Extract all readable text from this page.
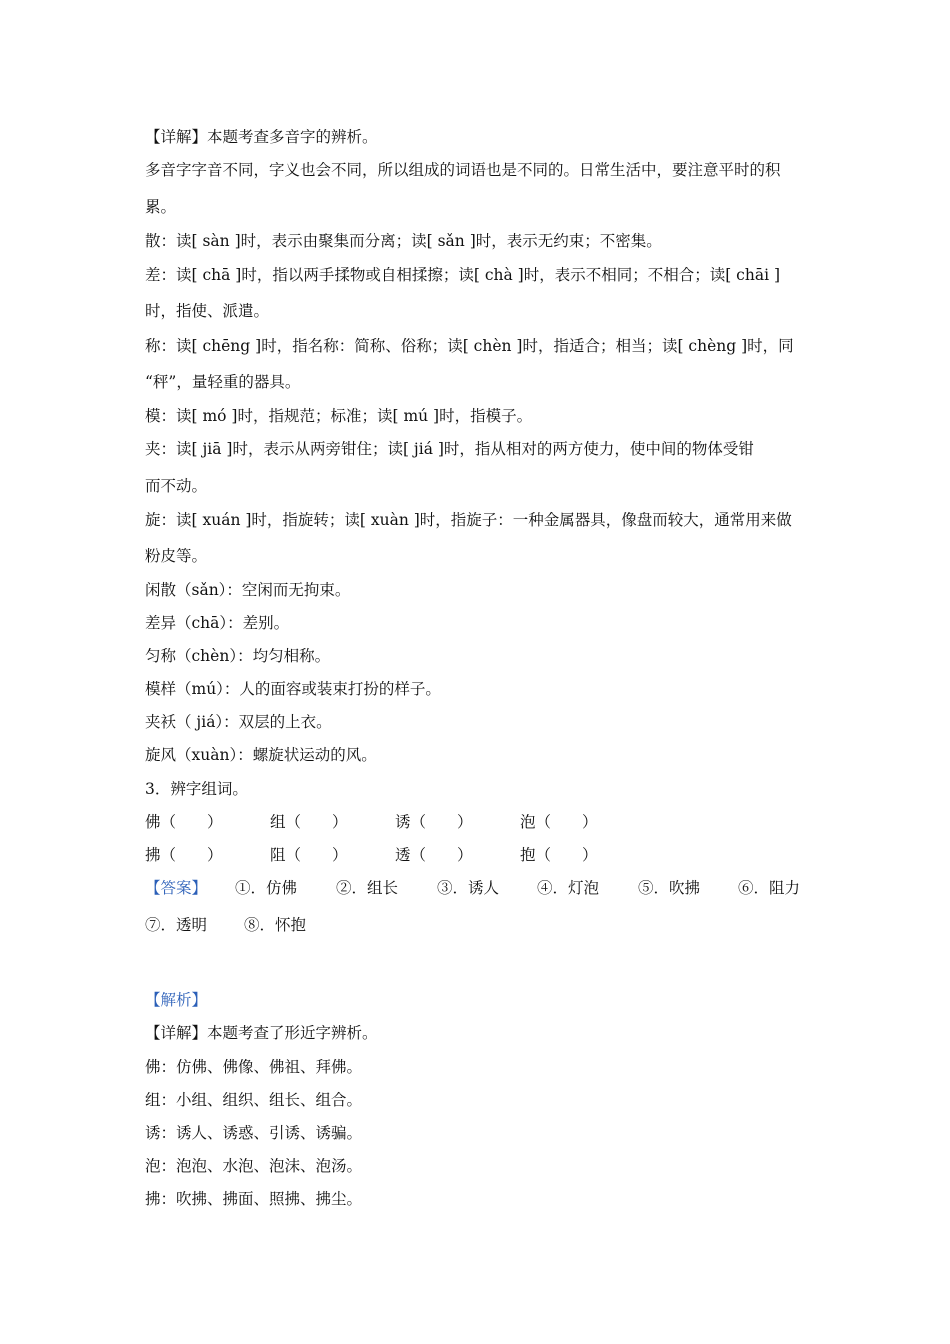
【详解】本题考查多音字的辨析。
多音字字音不同，字义也会不同，所以组成的词语也是不同的。日常生活中，要注意平时的积
累。
散：读[ sàn ]时，表示由聚集而分离；读[ sǎn ]时，表示无约束；不密集。
差：读[ chā ]时，指以两手揉物或自相揉擦；读[ chà ]时，表示不相同；不相合；读[ chāi ]
时，指使、派遣。
称：读[ chēng ]时，指名称：简称、俗称；读[ chèn ]时，指适合；相当；读[ chèng ]时，同
“秤”，量轻重的器具。
模：读[ mó ]时，指规范；标准；读[ mú ]时，指模子。
夹：读[ jiā ]时，表示从两旁钳住；读[ jiá ]时，指从相对的两方使力，使中间的物体受钳
而不动。
旋：读[ xuán ]时，指旋转；读[ xuàn ]时，指旋子：一种金属器具，像盘而较大，通常用来做
粉皮等。
闲散（sǎn）：空闲而无拘束。
差异（chā）：差别。
匀称（chèn）：均匀相称。
模样（mú）：人的面容或装束打扮的样子。
夹袄（ jiá）：双层的上衣。
旋风（xuàn）：螺旋状运动的风。
3．辨字组词。
佛（　　）	组（　　）	诱（　　）	泡（　　）
拂（　　）	阻（　　）	透（　　）	抱（　　）
【答案】 ①．仿佛	②．组长	③．诱人 ④．灯泡	⑤．吹拂 ⑥．阻力
⑦．透明 ⑧．怀抱
【解析】
【详解】本题考查了形近字辨析。
佛：仿佛、佛像、佛祖、拜佛。
组：小组、组织、组长、组合。
诱：诱人、诱惑、引诱、诱骗。
泡：泡泡、水泡、泡沫、泡汤。
拂：吹拂、拂面、照拂、拂尘。
